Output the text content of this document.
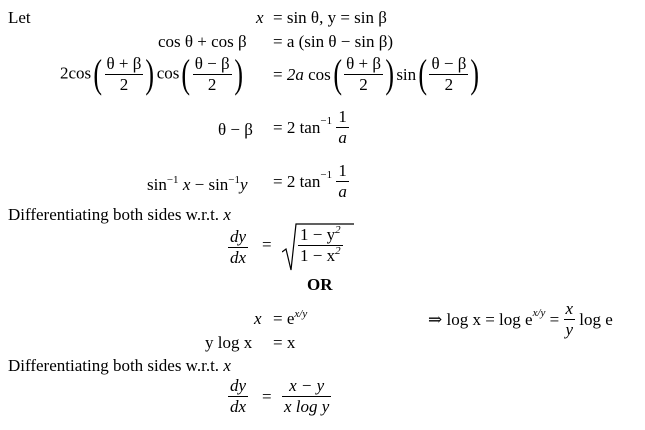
Let	x = sin θ, y = sin β
cos θ + cos β = a (sin θ − sin β)
$2\cos( \frac{\theta + \beta}{2}$ ) $\cos( \frac{\theta - \beta}{2}$ ) = 2a $\cos( \frac{\theta + \beta}{2}$ ) $\sin( \frac{\theta - \beta}{2}$ )
θ − β = 2 $\tan^{-1} \frac{1}{a}$
$\sin^{-1} x - \sin^{-1}y = 2$ $\tan^{-1} \frac{1}{a}$
Differentiating both sides w.r.t. x
$\frac{dy}{dx} = \frac{1 - y^2}{1 - x^2}$
OR
$x = e^{x/y}$	⇒ $\log x = \log e^{x/y} = \frac{x}{y}$ log e
y log x = x
Differentiating both sides w.r.t. x
$\frac{dy}{dx} = \frac{x - y}{\text{x log y}}$
